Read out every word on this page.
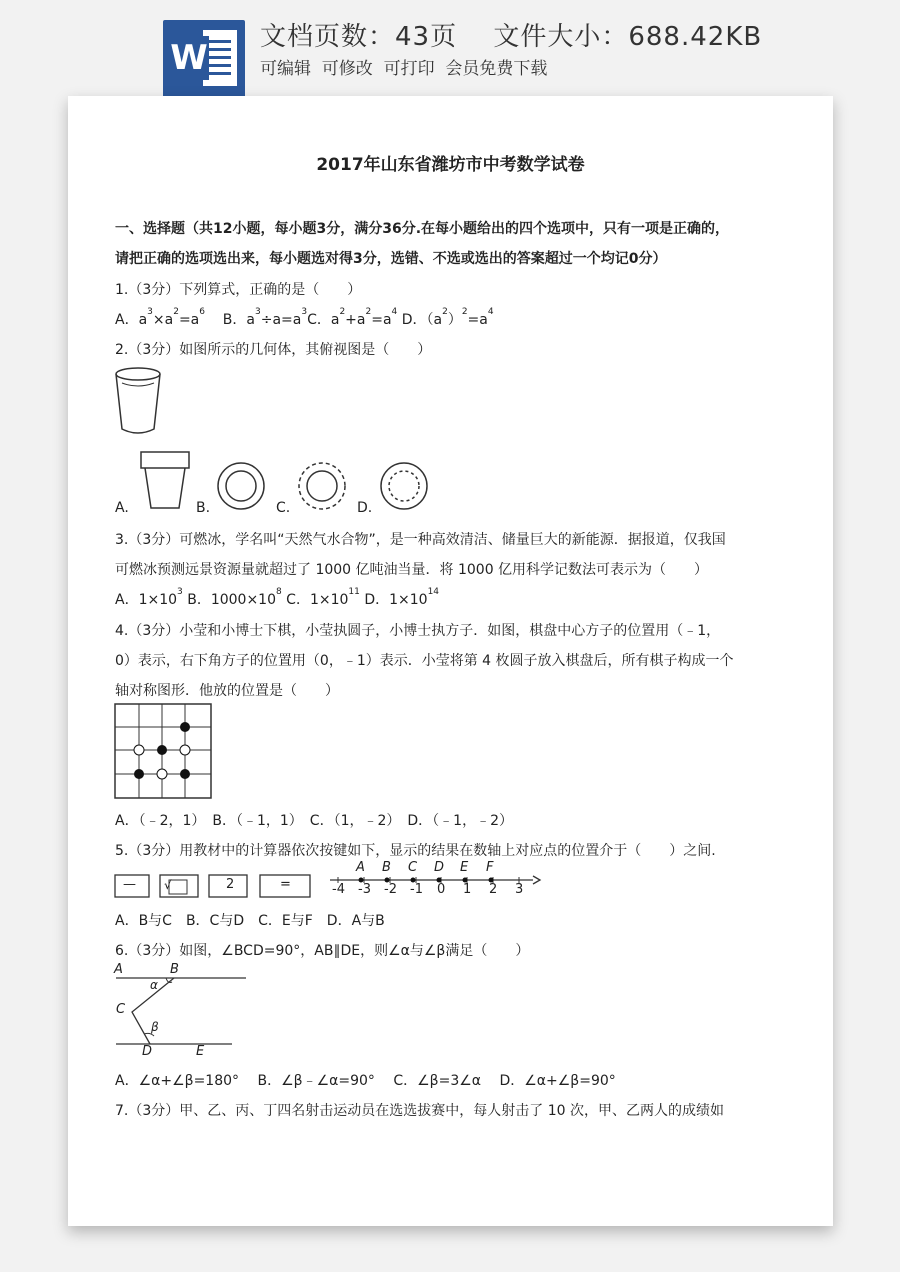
W
文档页数：43页　 文件大小：688.42KB
可编辑  可修改  可打印  会员免费下载
2017年山东省潍坊市中考数学试卷
一、选择题（共12小题，每小题3分，满分36分.在每小题给出的四个选项中，只有一项是正确的，
请把正确的选项选出来，每小题选对得3分，选错、不选或选出的答案超过一个均记0分）
1.（3分）下列算式，正确的是（　　）
A．$a^3\times a^2=a^6$    B．$a^3\div a=a^3C$．$a^2+a^2=a^4$ D．$(a^2)^2=a^4$
2.（3分）如图所示的几何体，其俯视图是（　　）
A.	B.	C.	D.
3.（3分）可燃冰，学名叫“天然气水合物”，是一种高效清洁、储量巨大的新能源．据报道，仅我国
可燃冰预测远景资源量就超过了 1000 亿吨油当量．将 1000 亿用科学记数法可表示为（　　）
A．$1\times 10^3$ B．$1000\times 10^8$ C．$1\times 10^{11}$ D．$1\times 10^{14}$
4.（3分）小莹和小博士下棋，小莹执圆子，小博士执方子．如图，棋盘中心方子的位置用（﹣1，
0）表示，右下角方子的位置用（0，﹣1）表示．小莹将第 4 枚圆子放入棋盘后，所有棋子构成一个
轴对称图形．他放的位置是（　　）
A．（﹣2，1）　B．（﹣1，1）　C．（1，﹣2）　D．（﹣1，﹣2）
5.（3分）用教材中的计算器依次按键如下，显示的结果在数轴上对应点的位置介于（　　）之间.
— √	2	=
A B C D E F
-4 -3 -2 -1 0 1 2 3
A．B与C　B．C与D　C．E与F　D．A与B
6.（3分）如图，∠BCD=90°，AB∥DE，则∠α与∠β满足（　　）
A	B
C
D	E
α
β
A．∠α+∠β=180°　 B．∠β﹣∠α=90°　 C．∠β=3∠α　 D．∠α+∠β=90°
7.（3分）甲、乙、丙、丁四名射击运动员在选选拔赛中，每人射击了 10 次，甲、乙两人的成绩如
